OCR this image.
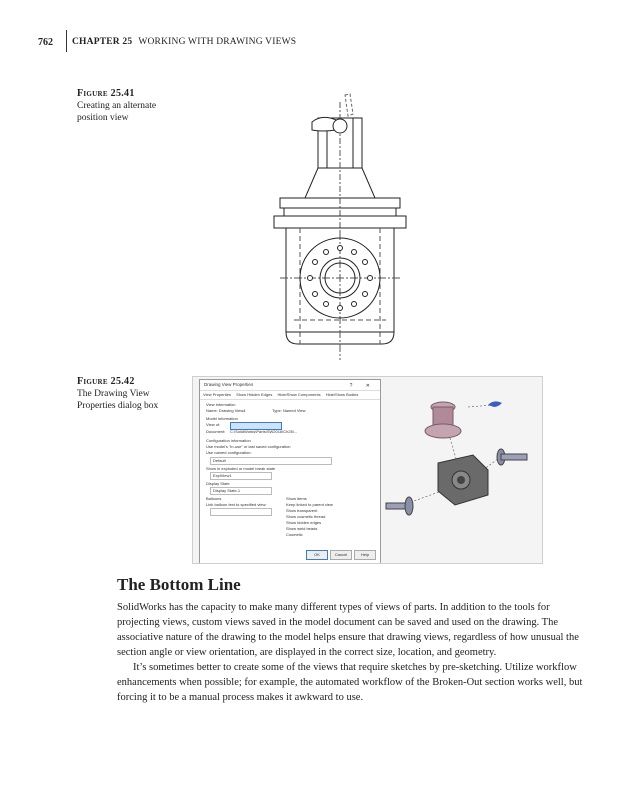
762 CHAPTER 25 WORKING WITH DRAWING VIEWS
Figure 25.41
Creating an alternate position view
Figure 25.42
The Drawing View Properties dialog box
Drawing View Properties	? ✕
View Properties Show Hidden Edges Hide/Show Components Hide/Show Bodies
View information
Name: Drawing View4	Type: Named View
Model information
View of:
Document: C:\SolidWorks\Parts\SW2016\Ch25\...
Configuration information
Use model's "in-use" or last saved configuration
Use named configuration:
Default
Show in exploded or model break state
ExplView1
Display State
Display State-1
Balloons
Link balloon text to specified view:
Show items
Keep linked to parent view
Show transparent
Show cosmetic thread
Show hidden edges
Show weld beads
Cosmetic
OK	Cancel	Help
The Bottom Line

SolidWorks has the capacity to make many different types of views of parts. In addition to the tools for projecting views, custom views saved in the model document can be saved and used on the drawing. The associative nature of the drawing to the model helps ensure that drawing views, regardless of how unusual the section angle or view orientation, are displayed in the correct size, location, and geometry.

It’s sometimes better to create some of the views that require sketches by pre-sketching. Utilize workflow enhancements when possible; for example, the automated workflow of the Broken-Out section works well, but forcing it to be a manual process makes it awkward to use.
